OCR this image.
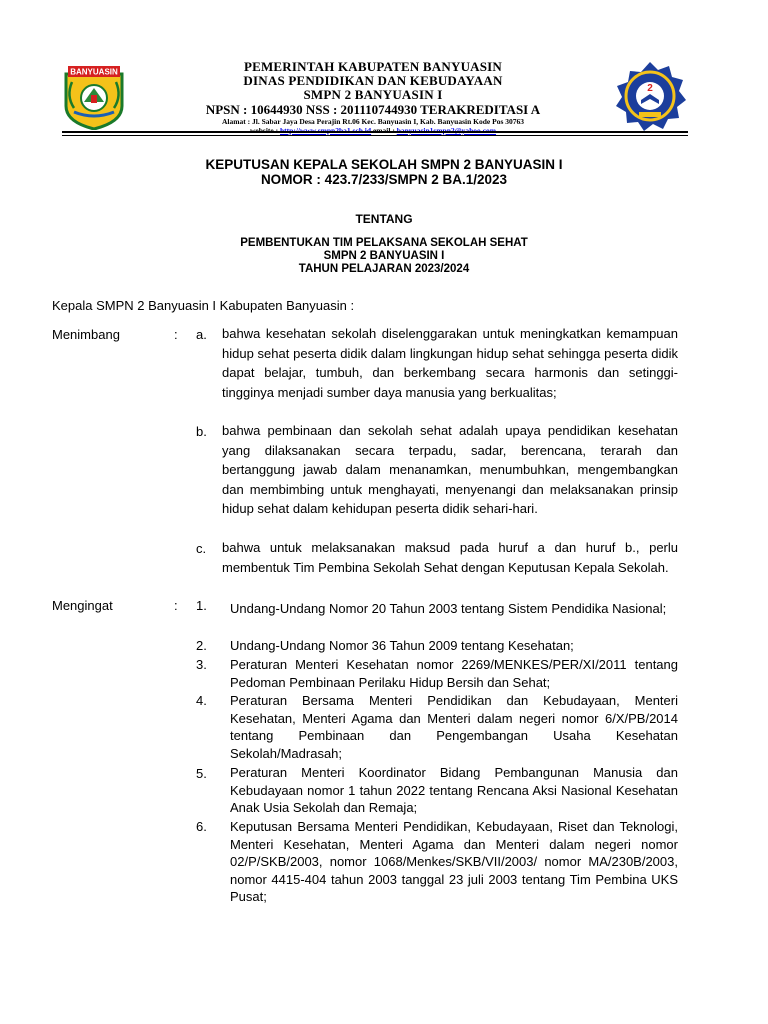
BANYUASIN	PEMERINTAH KABUPATEN BANYUASIN
DINAS PENDIDIKAN DAN KEBUDAYAAN
SMPN 2 BANYUASIN I
NPSN : 10644930 NSS : 201110744930 TERAKREDITASI A
Alamat : Jl. Sabar Jaya Desa Perajin Rt.06 Kec. Banyuasin I, Kab. Banyuasin Kode Pos 30763
2
KEPUTUSAN KEPALA SEKOLAH SMPN 2 BANYUASIN I
NOMOR : 423.7/233/SMPN 2 BA.1/2023
TENTANG
PEMBENTUKAN TIM PELAKSANA SEKOLAH SEHAT
SMPN 2 BANYUASIN I
TAHUN PELAJARAN 2023/2024
Kepala SMPN 2 Banyuasin I Kabupaten Banyuasin :
Menimbang	: a. bahwa kesehatan sekolah diselenggarakan untuk meningkatkan kemampuan hidup sehat peserta didik dalam lingkungan hidup sehat sehingga peserta didik dapat belajar, tumbuh, dan berkembang secara harmonis dan setinggi-tingginya menjadi sumber daya manusia yang berkualitas;
b. bahwa pembinaan dan sekolah sehat adalah upaya pendidikan kesehatan yang dilaksanakan secara terpadu, sadar, berencana, terarah dan bertanggung jawab dalam menanamkan, menumbuhkan, mengembangkan dan membimbing untuk menghayati, menyenangi dan melaksanakan prinsip hidup sehat dalam kehidupan peserta didik sehari-hari.
c. bahwa untuk melaksanakan maksud pada huruf a dan huruf b., perlu membentuk Tim Pembina Sekolah Sehat dengan Keputusan Kepala Sekolah.
Mengingat	: 1. Undang-Undang Nomor 20 Tahun 2003 tentang Sistem Pendidika Nasional;
2. Undang-Undang Nomor 36 Tahun 2009 tentang Kesehatan;
3. Peraturan Menteri Kesehatan nomor 2269/MENKES/PER/XI/2011 tentang Pedoman Pembinaan Perilaku Hidup Bersih dan Sehat;
4. Peraturan Bersama Menteri Pendidikan dan Kebudayaan, Menteri Kesehatan, Menteri Agama dan Menteri dalam negeri nomor 6/X/PB/2014 tentang Pembinaan dan Pengembangan Usaha Kesehatan Sekolah/Madrasah;
5. Peraturan Menteri Koordinator Bidang Pembangunan Manusia dan Kebudayaan nomor 1 tahun 2022 tentang Rencana Aksi Nasional Kesehatan Anak Usia Sekolah dan Remaja;
6. Keputusan Bersama Menteri Pendidikan, Kebudayaan, Riset dan Teknologi, Menteri Kesehatan, Menteri Agama dan Menteri dalam negeri nomor 02/P/SKB/2003, nomor 1068/Menkes/SKB/VII/2003/ nomor MA/230B/2003, nomor 4415-404 tahun 2003 tanggal 23 juli 2003 tentang Tim Pembina UKS Pusat;
